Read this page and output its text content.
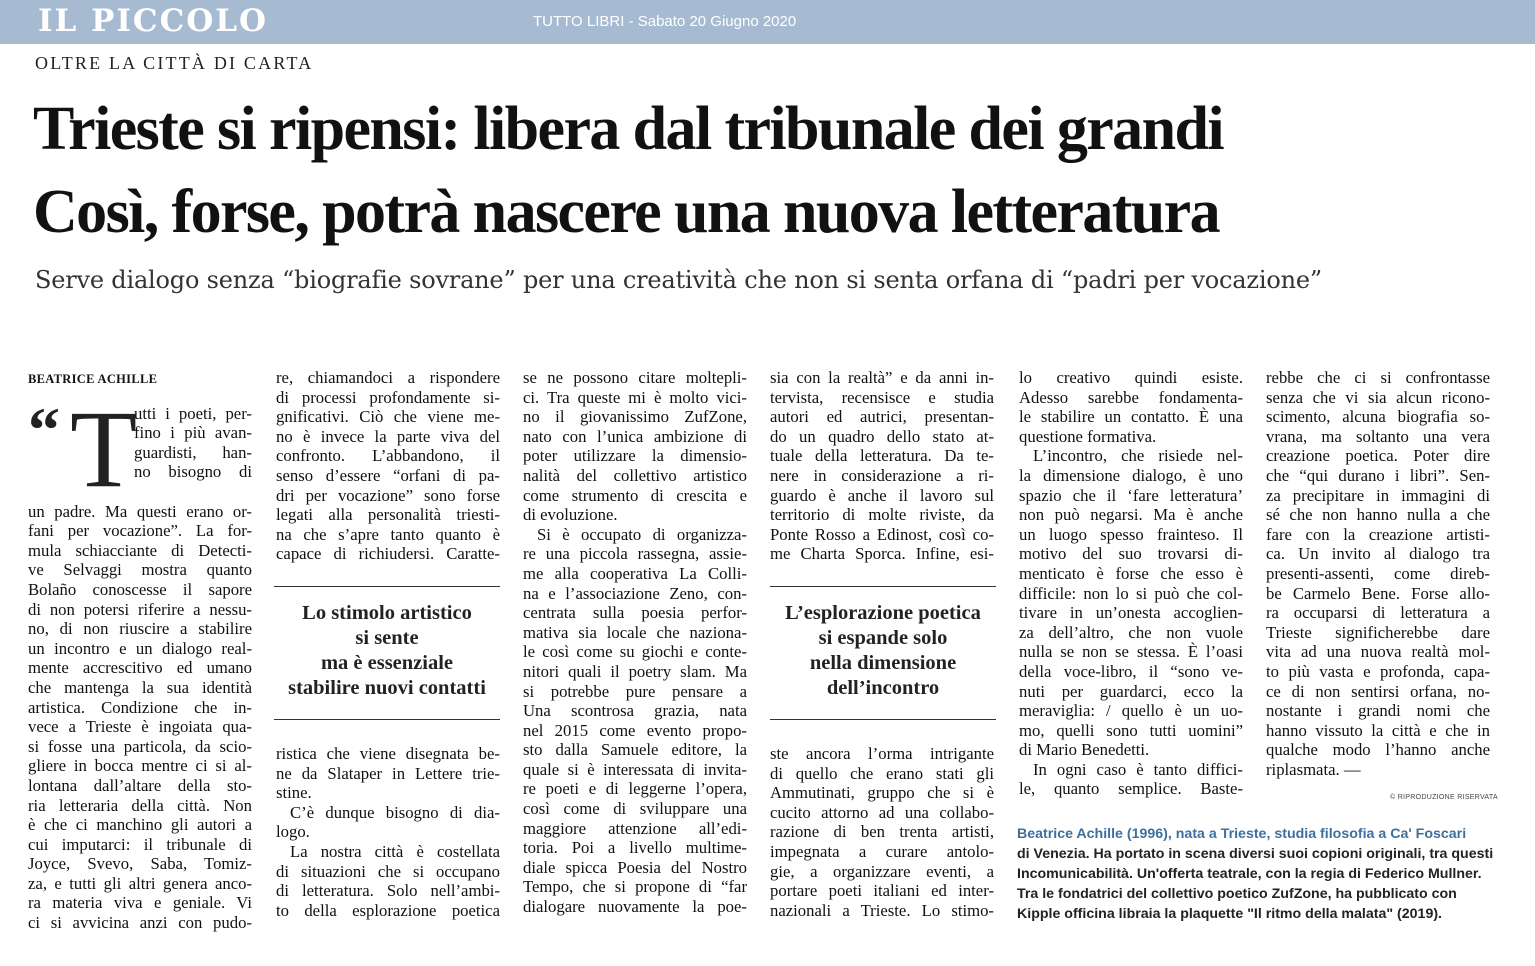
IL PICCOLO	TUTTO LIBRI - Sabato 20 Giugno 2020
OLTRE LA CITTÀ DI CARTA
Trieste si ripensi: libera dal tribunale dei grandi
Così, forse, potrà nascere una nuova letteratura
Serve dialogo senza “biografie sovrane” per una creatività che non si senta orfana di “padri per vocazione”
BEATRICE ACHILLE
“ T
utti i poeti, per-
fino i più avan-
guardisti, han-
no bisogno di

un padre. Ma questi erano or-
fani per vocazione”. La for-
mula schiacciante di Detecti-
ve Selvaggi mostra quanto
Bolaño conoscesse il sapore
di non potersi riferire a nessu-
no, di non riuscire a stabilire
un incontro e un dialogo real-
mente accrescitivo ed umano
che mantenga la sua identità
artistica. Condizione che in-
vece a Trieste è ingoiata qua-
si fosse una particola, da scio-
gliere in bocca mentre ci si al-
lontana dall’altare della sto-
ria letteraria della città. Non
è che ci manchino gli autori a
cui imputarci: il tribunale di
Joyce, Svevo, Saba, Tomiz-
za, e tutti gli altri genera anco-
ra materia viva e geniale. Vi
ci si avvicina anzi con pudo-

re, chiamandoci a rispondere
di processi profondamente si-
gnificativi. Ciò che viene me-
no è invece la parte viva del
confronto. L’abbandono, il
senso d’essere “orfani di pa-
dri per vocazione” sono forse
legati alla personalità triesti-
na che s’apre tanto quanto è
capace di richiudersi. Caratte-

Lo stimolo artistico
si sente
ma è essenziale
stabilire nuovi contatti

ristica che viene disegnata be-
ne da Slataper in Lettere trie-
stine.
C’è dunque bisogno di dia-
logo.
La nostra città è costellata
di situazioni che si occupano
di letteratura. Solo nell’ambi-
to della esplorazione poetica

se ne possono citare moltepli-
ci. Tra queste mi è molto vici-
no il giovanissimo ZufZone,
nato con l’unica ambizione di
poter utilizzare la dimensio-
nalità del collettivo artistico
come strumento di crescita e
di evoluzione.
Si è occupato di organizza-
re una piccola rassegna, assie-
me alla cooperativa La Colli-
na e l’associazione Zeno, con-
centrata sulla poesia perfor-
mativa sia locale che naziona-
le così come su giochi e conte-
nitori quali il poetry slam. Ma
si potrebbe pure pensare a
Una scontrosa grazia, nata
nel 2015 come evento propo-
sto dalla Samuele editore, la
quale si è interessata di invita-
re poeti e di leggerne l’opera,
così come di sviluppare una
maggiore attenzione all’edi-
toria. Poi a livello multime-
diale spicca Poesia del Nostro
Tempo, che si propone di “far
dialogare nuovamente la poe-

sia con la realtà” e da anni in-
tervista, recensisce e studia
autori ed autrici, presentan-
do un quadro dello stato at-
tuale della letteratura. Da te-
nere in considerazione a ri-
guardo è anche il lavoro sul
territorio di molte riviste, da
Ponte Rosso a Edinost, così co-
me Charta Sporca. Infine, esi-

L’esplorazione poetica
si espande solo
nella dimensione
dell’incontro

ste ancora l’orma intrigante
di quello che erano stati gli
Ammutinati, gruppo che si è
cucito attorno ad una collabo-
razione di ben trenta artisti,
impegnata a curare antolo-
gie, a organizzare eventi, a
portare poeti italiani ed inter-
nazionali a Trieste. Lo stimo-

lo creativo quindi esiste.
Adesso sarebbe fondamenta-
le stabilire un contatto. È una
questione formativa.
L’incontro, che risiede nel-
la dimensione dialogo, è uno
spazio che il ‘fare letteratura’
non può negarsi. Ma è anche
un luogo spesso frainteso. Il
motivo del suo trovarsi di-
menticato è forse che esso è
difficile: non lo si può che col-
tivare in un’onesta accoglien-
za dell’altro, che non vuole
nulla se non se stessa. È l’oasi
della voce-libro, il “sono ve-
nuti per guardarci, ecco la
meraviglia: / quello è un uo-
mo, quelli sono tutti uomini”
di Mario Benedetti.
In ogni caso è tanto diffici-
le, quanto semplice. Baste-

rebbe che ci si confrontasse
senza che vi sia alcun ricono-
scimento, alcuna biografia so-
vrana, ma soltanto una vera
creazione poetica. Poter dire
che “qui durano i libri”. Sen-
za precipitare in immagini di
sé che non hanno nulla a che
fare con la creazione artisti-
ca. Un invito al dialogo tra
presenti-assenti, come direb-
be Carmelo Bene. Forse allo-
ra occuparsi di letteratura a
Trieste significherebbe dare
vita ad una nuova realtà mol-
to più vasta e profonda, capa-
ce di non sentirsi orfana, no-
nostante i grandi nomi che
hanno vissuto la città e che in
qualche modo l’hanno anche
riplasmata. —

© RIPRODUZIONE RISERVATA
Beatrice Achille (1996), nata a Trieste, studia filosofia a Ca' Foscari
di Venezia. Ha portato in scena diversi suoi copioni originali, tra questi
Incomunicabilità. Un'offerta teatrale, con la regia di Federico Mullner.
Tra le fondatrici del collettivo poetico ZufZone, ha pubblicato con
Kipple officina libraia la plaquette "Il ritmo della malata" (2019).
